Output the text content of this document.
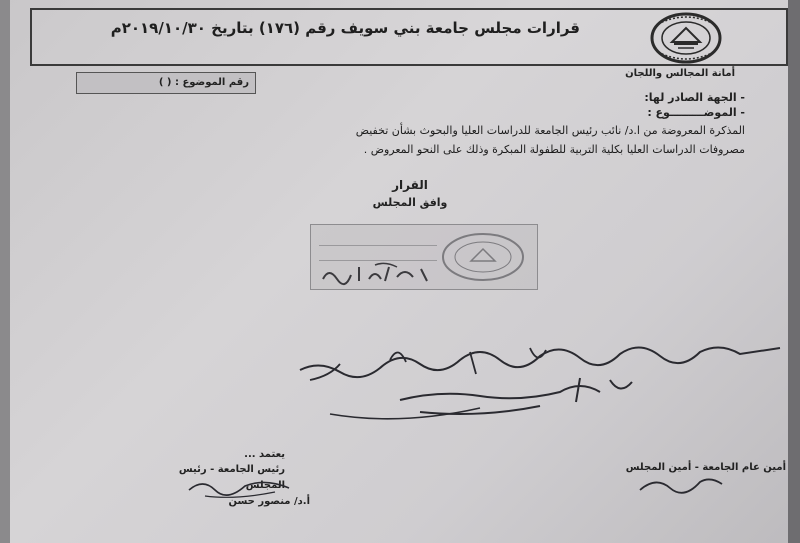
قرارات مجلس جامعة بني سويف رقم (١٧٦) بتاريخ ٢٠١٩/١٠/٣٠م
أمانة المجالس واللجان
رقم الموضوع : ( )
- الجهة الصادر لها:
- الموضـــــــــوع :
المذكرة المعروضة من ا.د/ نائب رئيس الجامعة للدراسات العليا والبحوث بشأن تخفيض
مصروفات الدراسات العليا بكلية التربية للطفولة المبكرة وذلك على النحو المعروض .
القرار
وافق المجلس
أمين عام الجامعة - أمين المجلس
يعتمد ...
رئيس الجامعة - رئيس المجلس
أ.د/ منصور حسن
